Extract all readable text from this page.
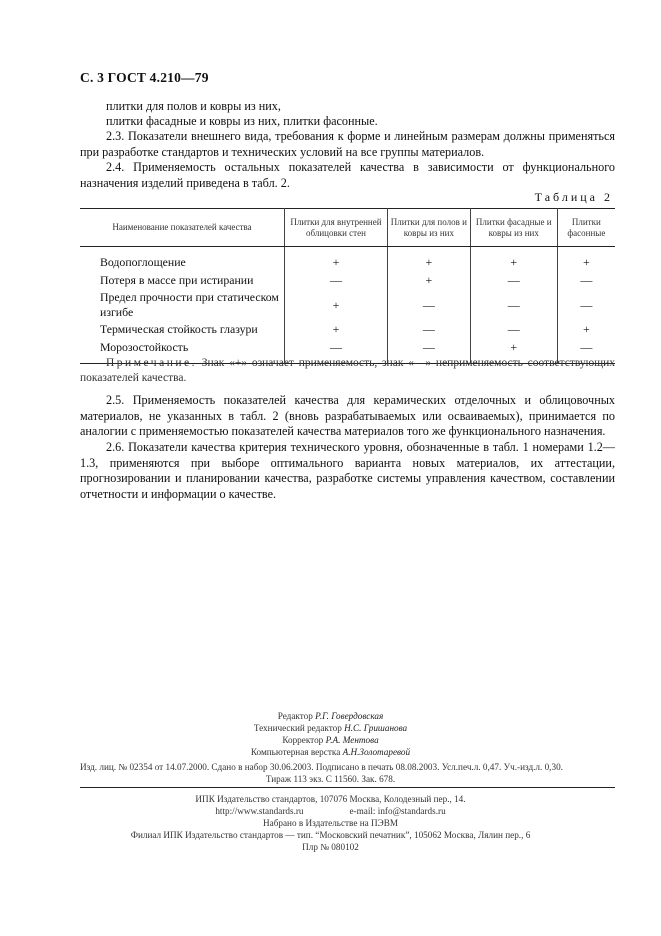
С. 3 ГОСТ 4.210—79

плитки для полов и ковры из них,

плитки фасадные и ковры из них, плитки фасонные.

2.3. Показатели внешнего вида, требования к форме и линейным размерам должны применяться при разработке стандартов и технических условий на все группы материалов.

2.4. Применяемость остальных показателей качества в зависимости от функционального назначения изделий приведена в табл. 2.

Таблица 2
Наименование показателей качества	Плитки для внутренней облицовки стен	Плитки для полов и ковры из них	Плитки фасадные и ковры из них	Плитки фасонные
Водопоглощение	+	+	+	+
Потеря в массе при истирании	—	+	—	—
Предел прочности при статическом изгибе	+	—	—	—
Термическая стойкость глазури	+	—	—	+
Морозостойкость	—	—	+	—

Примечание. Знак «+» означает применяемость, знак «—» неприменяемость соответствующих показателей качества.

2.5. Применяемость показателей качества для керамических отделочных и облицовочных материалов, не указанных в табл. 2 (вновь разрабатываемых или осваиваемых), принимается по аналогии с применяемостью показателей качества материалов того же функционального назначения.

2.6. Показатели качества критерия технического уровня, обозначенные в табл. 1 номерами 1.2—1.3, применяются при выборе оптимального варианта новых материалов, их аттестации, прогнозировании и планировании качества, разработке системы управления качеством, составлении отчетности и информации о качестве.

Редактор Р.Г. Говердовская
Технический редактор Н.С. Гришанова
Корректор Р.А. Ментова
Компьютерная верстка А.Н.Золотаревой
Изд. лиц. № 02354 от 14.07.2000. Сдано в набор 30.06.2003. Подписано в печать 08.08.2003. Усл.печ.л. 0,47. Уч.-изд.л. 0,30.
Тираж 113 экз. С 11560. Зак. 678.
ИПК Издательство стандартов, 107076 Москва, Колодезный пер., 14.
http://www.standards.ru                    e-mail: info@standards.ru
Набрано в Издательстве на ПЭВМ
Филиал ИПК Издательство стандартов — тип. “Московский печатник”, 105062 Москва, Лялин пер., 6
Плр № 080102
